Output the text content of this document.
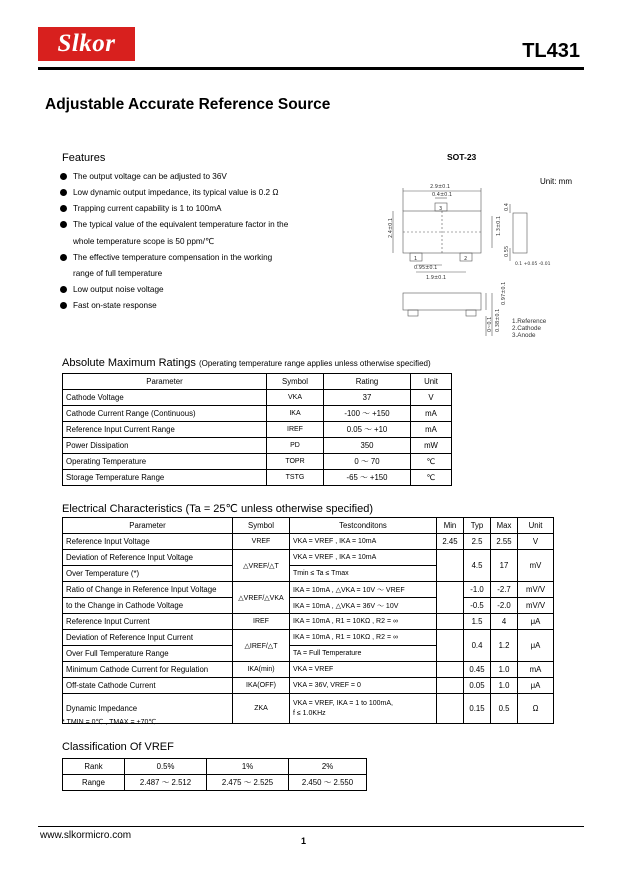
Slkor	TL431
Adjustable Accurate Reference Source
Features
The output voltage can be adjusted to 36V
Low dynamic output impedance, its typical value is 0.2 Ω
Trapping current capability is 1 to 100mA
The typical value of the equivalent temperature factor in the
whole temperature scope is 50 ppm/℃
The effective temperature compensation in the working
range of full temperature
Low output noise voltage
Fast on-state response
SOT-23
Unit: mm
2.9±0.1
0.4±0.1
1.9±0.1
0.95±0.1
2.4±0.1	1.3±0.1
0.4
0.55
0.1 +0.05 -0.01
0.97±0.1
0~0.1 0.38±0.1
1	2
3
1.Reference
2.Cathode
3.Anode
Absolute Maximum Ratings (Operating temperature range applies unless otherwise specified)
Parameter	Symbol	Rating	Unit
Cathode Voltage	VKA	37	V
Cathode Current Range (Continuous)	IKA	-100 ～ +150	mA
Reference Input Current Range	IREF	0.05 ～ +10	mA
Power Dissipation	PD	350	mW
Operating Temperature	TOPR	0 ～ 70	℃
Storage Temperature Range	TSTG	-65 ～ +150	℃
Electrical Characteristics (Ta = 25℃ unless otherwise specified)
Parameter	Symbol	Testconditons	Min	Typ	Max	Unit
Reference Input Voltage	VREF	VKA = VREF , IKA = 10mA	2.45	2.5	2.55	V
Deviation of Reference Input Voltage	△VREF/△T	VKA = VREF , IKA = 10mA		4.5	17	mV
Over Temperature (*)		Tmin ≤ Ta ≤ Tmax				
Ratio of Change in Reference Input Voltage	△VREF/△VKA	IKA = 10mA , △VKA = 10V ～ VREF		-1.0	-2.7	mV/V
to the Change in Cathode Voltage		IKA = 10mA , △VKA = 36V ～ 10V		-0.5	-2.0	mV/V
Reference Input Current	IREF	IKA = 10mA , R1 = 10KΩ , R2 = ∞		1.5	4	μA
Deviation of Reference Input Current	△IREF/△T	IKA = 10mA , R1 = 10KΩ , R2 = ∞		0.4	1.2	μA
Over Full Temperature Range		TA = Full Temperature				
Minimum Cathode Current for Regulation	IKA(min)	VKA = VREF		0.45	1.0	mA
Off-state Cathode Current	IKA(OFF)	VKA = 36V, VREF = 0		0.05	1.0	μA
Dynamic Impedance	ZKA	VKA = VREF, IKA = 1 to 100mA,
f ≤ 1.0KHz		0.15	0.5	Ω
* TMIN = 0℃ , TMAX = +70℃
Classification Of VREF
Rank	0.5%	1%	2%
Range	2.487 ～ 2.512	2.475 ～ 2.525	2.450 ～ 2.550
www.slkormicro.com	1
